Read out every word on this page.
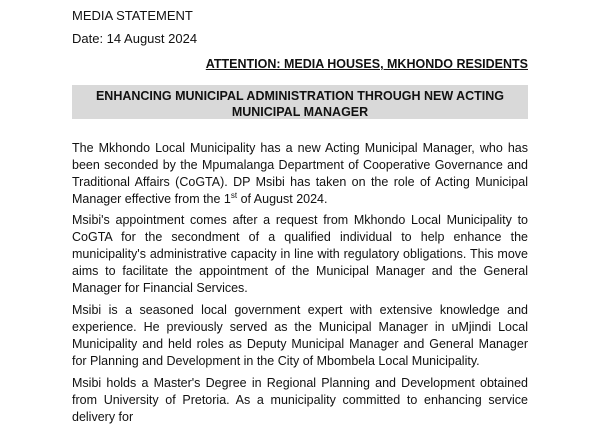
MEDIA STATEMENT
Date: 14 August 2024
ATTENTION: MEDIA HOUSES, MKHONDO RESIDENTS
ENHANCING MUNICIPAL ADMINISTRATION THROUGH NEW ACTING
MUNICIPAL MANAGER

The Mkhondo Local Municipality has a new Acting Municipal Manager, who has been seconded by the Mpumalanga Department of Cooperative Governance and Traditional Affairs (CoGTA). DP Msibi has taken on the role of Acting Municipal Manager effective from the 1st of August 2024.

Msibi's appointment comes after a request from Mkhondo Local Municipality to CoGTA for the secondment of a qualified individual to help enhance the municipality's administrative capacity in line with regulatory obligations. This move aims to facilitate the appointment of the Municipal Manager and the General Manager for Financial Services.

Msibi is a seasoned local government expert with extensive knowledge and experience. He previously served as the Municipal Manager in uMjindi Local Municipality and held roles as Deputy Municipal Manager and General Manager for Planning and Development in the City of Mbombela Local Municipality.

Msibi holds a Master's Degree in Regional Planning and Development obtained from University of Pretoria. As a municipality committed to enhancing service delivery for
